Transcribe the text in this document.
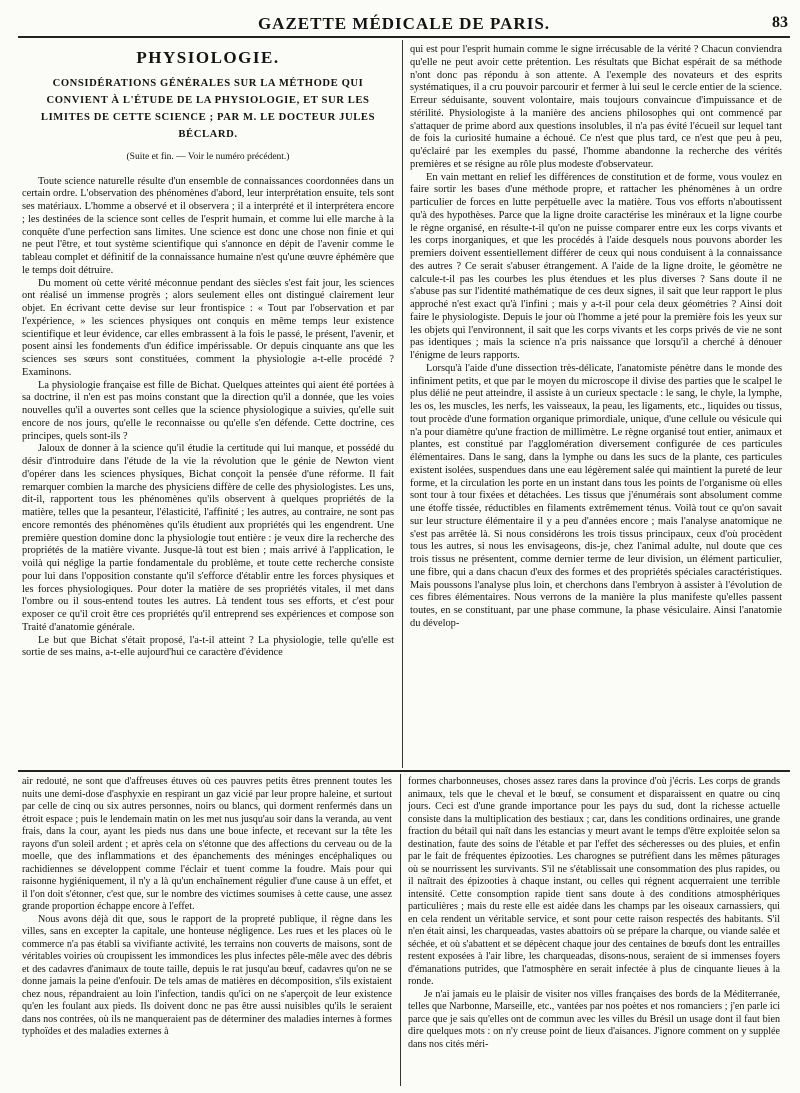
GAZETTE MÉDICALE DE PARIS.	83
PHYSIOLOGIE.
CONSIDÉRATIONS GÉNÉRALES SUR LA MÉTHODE QUI CONVIENT À L'ÉTUDE DE LA PHYSIOLOGIE, ET SUR LES LIMITES DE CETTE SCIENCE ; PAR M. LE DOCTEUR JULES BÉCLARD.
(Suite et fin. — Voir le numéro précédent.)

Toute science naturelle résulte d'un ensemble de connaissances coordonnées dans un certain ordre. L'observation des phénomènes d'abord, leur interprétation ensuite, tels sont ses matériaux. L'homme a observé et il observera ; il a interprété et il interprétera encore ; les destinées de la science sont celles de l'esprit humain, et comme lui elle marche à la conquête d'une perfection sans limites. Une science est donc une chose non finie et qui ne peut l'être, et tout système scientifique qui s'annonce en dépit de l'avenir comme le tableau complet et définitif de la connaissance humaine n'est qu'une œuvre éphémère que le temps doit détruire.

Du moment où cette vérité méconnue pendant des siècles s'est fait jour, les sciences ont réalisé un immense progrès ; alors seulement elles ont distingué clairement leur objet. En écrivant cette devise sur leur frontispice : « Tout par l'observation et par l'expérience, » les sciences physiques ont conquis en même temps leur existence scientifique et leur évidence, car elles embrassent à la fois le passé, le présent, l'avenir, et posent ainsi les fondements d'un édifice impérissable. Or depuis cinquante ans que les sciences ses sœurs sont constituées, comment la physiologie a-t-elle procédé ? Examinons.

La physiologie française est fille de Bichat. Quelques atteintes qui aient été portées à sa doctrine, il n'en est pas moins constant que la direction qu'il a donnée, que les voies nouvelles qu'il a ouvertes sont celles que la science physiologique a suivies, qu'elle suit encore de nos jours, qu'elle le reconnaisse ou qu'elle s'en défende. Cette doctrine, ces principes, quels sont-ils ?

Jaloux de donner à la science qu'il étudie la certitude qui lui manque, et possédé du désir d'introduire dans l'étude de la vie la révolution que le génie de Newton vient d'opérer dans les sciences physiques, Bichat conçoit la pensée d'une réforme. Il fait remarquer combien la marche des physiciens diffère de celle des physiologistes. Les uns, dit-il, rapportent tous les phénomènes qu'ils observent à quelques propriétés de la matière, telles que la pesanteur, l'élasticité, l'affinité ; les autres, au contraire, ne sont pas encore remontés des phénomènes qu'ils étudient aux propriétés qui les engendrent. Une première question domine donc la physiologie tout entière : je veux dire la recherche des propriétés de la matière vivante. Jusque-là tout est bien ; mais arrivé à l'application, le voilà qui néglige la partie fondamentale du problème, et toute cette recherche consiste pour lui dans l'opposition constante qu'il s'efforce d'établir entre les forces physiques et les forces physiologiques. Pour doter la matière de ses propriétés vitales, il met dans l'ombre ou il sous-entend toutes les autres. Là tendent tous ses efforts, et c'est pour exposer ce qu'il croit être ces propriétés qu'il entreprend ses expériences et compose son Traité d'anatomie générale.

Le but que Bichat s'était proposé, l'a-t-il atteint ? La physiologie, telle qu'elle est sortie de ses mains, a-t-elle aujourd'hui ce caractère d'évidence

qui est pour l'esprit humain comme le signe irrécusable de la vérité ? Chacun conviendra qu'elle ne peut avoir cette prétention. Les résultats que Bichat espérait de sa méthode n'ont donc pas répondu à son attente. A l'exemple des novateurs et des esprits systématiques, il a cru pouvoir parcourir et fermer à lui seul le cercle entier de la science. Erreur séduisante, souvent volontaire, mais toujours convaincue d'impuissance et de stérilité. Physiologiste à la manière des anciens philosophes qui ont commencé par s'attaquer de prime abord aux questions insolubles, il n'a pas évité l'écueil sur lequel tant de fois la curiosité humaine a échoué. Ce n'est que plus tard, ce n'est que peu à peu, qu'éclairé par les exemples du passé, l'homme abandonne la recherche des vérités premières et se résigne au rôle plus modeste d'observateur.

En vain mettant en relief les différences de constitution et de forme, vous voulez en faire sortir les bases d'une méthode propre, et rattacher les phénomènes à un ordre particulier de forces en lutte perpétuelle avec la matière. Tous vos efforts n'aboutissent qu'à des hypothèses. Parce que la ligne droite caractérise les minéraux et la ligne courbe le règne organisé, en résulte-t-il qu'on ne puisse comparer entre eux les corps vivants et les corps inorganiques, et que les procédés à l'aide desquels nous pouvons aborder les premiers doivent essentiellement différer de ceux qui nous conduisent à la connaissance des autres ? Ce serait s'abuser étrangement. A l'aide de la ligne droite, le géomètre ne calcule-t-il pas les courbes les plus étendues et les plus diverses ? Sans doute il ne s'abuse pas sur l'identité mathématique de ces deux signes, il sait que leur rapport le plus approché n'est exact qu'à l'infini ; mais y a-t-il pour cela deux géométries ? Ainsi doit faire le physiologiste. Depuis le jour où l'homme a jeté pour la première fois les yeux sur les objets qui l'environnent, il sait que les corps vivants et les corps privés de vie ne sont pas identiques ; mais la science n'a pris naissance que lorsqu'il a cherché à dénouer l'énigme de leurs rapports.

Lorsqu'à l'aide d'une dissection très-délicate, l'anatomiste pénètre dans le monde des infiniment petits, et que par le moyen du microscope il divise des parties que le scalpel le plus délié ne peut atteindre, il assiste à un curieux spectacle : le sang, le chyle, la lymphe, les os, les muscles, les nerfs, les vaisseaux, la peau, les ligaments, etc., liquides ou tissus, tout procède d'une formation organique primordiale, unique, d'une cellule ou vésicule qui n'a pour diamètre qu'une fraction de millimètre. Le règne organisé tout entier, animaux et plantes, est constitué par l'agglomération diversement configurée de ces particules élémentaires. Dans le sang, dans la lymphe ou dans les sucs de la plante, ces particules existent isolées, suspendues dans une eau légèrement salée qui maintient la pureté de leur forme, et la circulation les porte en un instant dans tous les points de l'organisme où elles sont tour à tour fixées et détachées. Les tissus que j'énumérais sont absolument comme une étoffe tissée, réductibles en filaments extrêmement ténus. Voilà tout ce qu'on savait sur leur structure élémentaire il y a peu d'années encore ; mais l'analyse anatomique ne s'est pas arrêtée là. Si nous considérons les trois tissus principaux, ceux d'où procèdent tous les autres, si nous les envisageons, dis-je, chez l'animal adulte, nul doute que ces trois tissus ne présentent, comme dernier terme de leur division, un élément particulier, une fibre, qui a dans chacun d'eux des formes et des propriétés spéciales caractéristiques. Mais poussons l'analyse plus loin, et cherchons dans l'embryon à assister à l'évolution de ces fibres élémentaires. Nous verrons de la manière la plus manifeste qu'elles passent toutes, en se constituant, par une phase commune, la phase vésiculaire. Ainsi l'anatomie du dévelop-

air redouté, ne sont que d'affreuses étuves où ces pauvres petits êtres prennent toutes les nuits une demi-dose d'asphyxie en respirant un gaz vicié par leur propre haleine, et surtout par celle de cinq ou six autres personnes, noirs ou blancs, qui dorment renfermés dans un étroit espace ; puis le lendemain matin on les met nus jusqu'au soir dans la veranda, au vent frais, dans la cour, ayant les pieds nus dans une boue infecte, et recevant sur la tête les rayons d'un soleil ardent ; et après cela on s'étonne que des affections du cerveau ou de la moelle, que des inflammations et des épanchements des méninges encéphaliques ou rachidiennes se développent comme l'éclair et tuent comme la foudre. Mais pour qui raisonne hygiéniquement, il n'y a là qu'un enchaînement régulier d'une cause à un effet, et il l'on doit s'étonner, c'est que, sur le nombre des victimes soumises à cette cause, une assez grande proportion échappe encore à l'effet.

Nous avons déjà dit que, sous le rapport de la propreté publique, il règne dans les villes, sans en excepter la capitale, une honteuse négligence. Les rues et les places où le commerce n'a pas établi sa vivifiante activité, les terrains non couverts de maisons, sont de véritables voiries où croupissent les immondices les plus infectes pêle-mêle avec des débris et des cadavres d'animaux de toute taille, depuis le rat jusqu'au bœuf, cadavres qu'on ne se donne jamais la peine d'enfouir. De tels amas de matières en décomposition, s'ils existaient chez nous, répandraient au loin l'infection, tandis qu'ici on ne s'aperçoit de leur existence qu'en les foulant aux pieds. Ils doivent donc ne pas être aussi nuisibles qu'ils le seraient dans nos contrées, où ils ne manqueraient pas de déterminer des maladies internes à formes typhoïdes et des maladies externes à

formes charbonneuses, choses assez rares dans la province d'où j'écris. Les corps de grands animaux, tels que le cheval et le bœuf, se consument et disparaissent en quatre ou cinq jours. Ceci est d'une grande importance pour les pays du sud, dont la richesse actuelle consiste dans la multiplication des bestiaux ; car, dans les conditions ordinaires, une grande fraction du bétail qui naît dans les estancias y meurt avant le temps d'être exploitée selon sa destination, faute des soins de l'étable et par l'effet des sécheresses ou des pluies, et enfin par le fait de fréquentes épizooties. Les charognes se putréfient dans les mêmes pâturages où se nourrissent les survivants. S'il ne s'établissait une consommation des plus rapides, ou il naîtrait des épizooties à chaque instant, ou celles qui régnent acquerraient une terrible intensité. Cette consomption rapide tient sans doute à des conditions atmosphériques particulières ; mais du reste elle est aidée dans les champs par les oiseaux carnassiers, qui en cela rendent un véritable service, et sont pour cette raison respectés des habitants. S'il n'en était ainsi, les charqueadas, vastes abattoirs où se prépare la charque, ou viande salée et séchée, et où s'abattent et se dépècent chaque jour des centaines de bœufs dont les entrailles restent exposées à l'air libre, les charqueadas, disons-nous, seraient de si immenses foyers d'émanations putrides, que l'atmosphère en serait infectée à plus de cinquante lieues à la ronde.

Je n'ai jamais eu le plaisir de visiter nos villes françaises des bords de la Méditerranée, telles que Narbonne, Marseille, etc., vantées par nos poètes et nos romanciers ; j'en parle ici parce que je sais qu'elles ont de commun avec les villes du Brésil un usage dont il faut bien dire quelques mots : on n'y creuse point de lieux d'aisances. J'ignore comment on y supplée dans nos cités méri-
